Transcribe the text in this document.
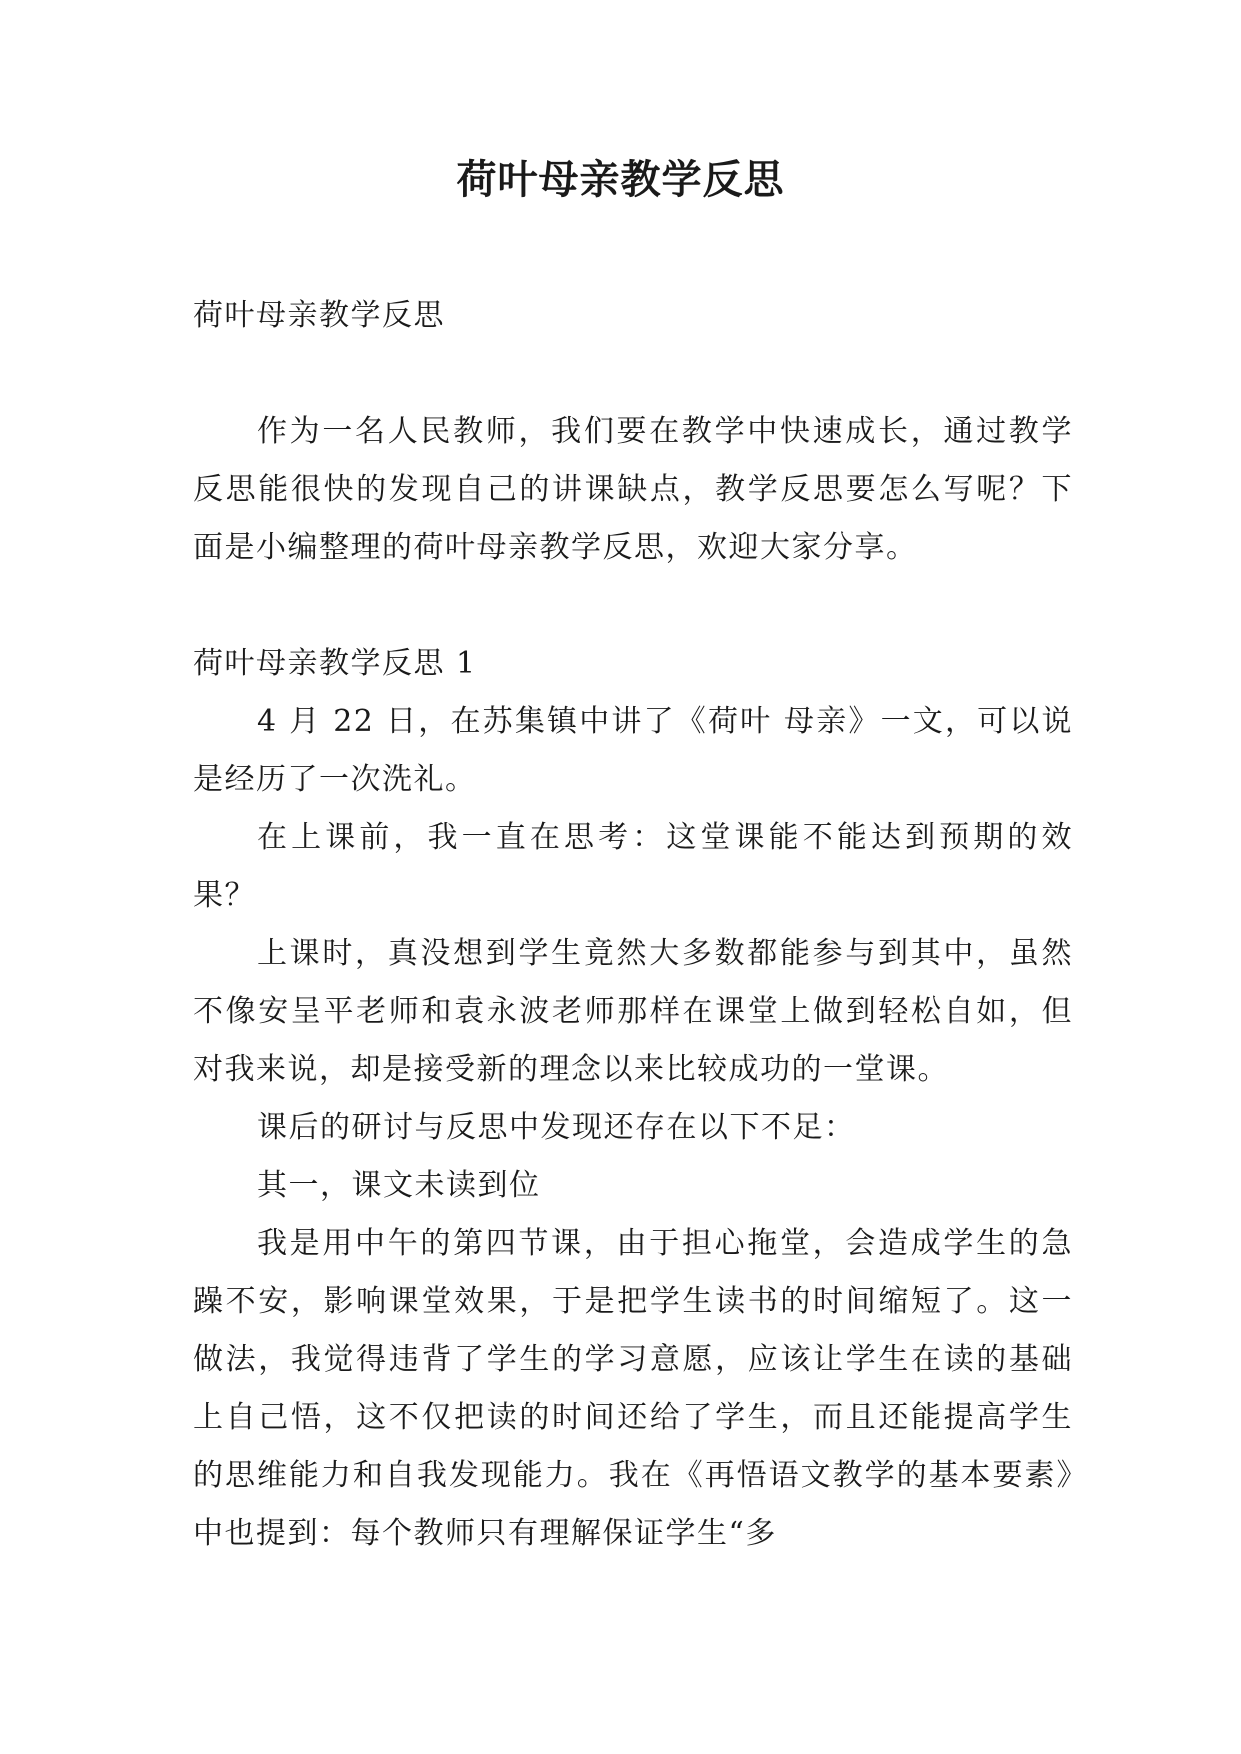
荷叶母亲教学反思

荷叶母亲教学反思

作为一名人民教师，我们要在教学中快速成长，通过教学反思能很快的发现自己的讲课缺点，教学反思要怎么写呢？下面是小编整理的荷叶母亲教学反思，欢迎大家分享。

荷叶母亲教学反思 1

4 月 22 日，在苏集镇中讲了《荷叶 母亲》一文，可以说是经历了一次洗礼。

在上课前，我一直在思考：这堂课能不能达到预期的效果？

上课时，真没想到学生竟然大多数都能参与到其中，虽然不像安呈平老师和袁永波老师那样在课堂上做到轻松自如，但对我来说，却是接受新的理念以来比较成功的一堂课。

课后的研讨与反思中发现还存在以下不足：

其一，课文未读到位

我是用中午的第四节课，由于担心拖堂，会造成学生的急躁不安，影响课堂效果，于是把学生读书的时间缩短了。这一做法，我觉得违背了学生的学习意愿，应该让学生在读的基础上自己悟，这不仅把读的时间还给了学生，而且还能提高学生的思维能力和自我发现能力。我在《再悟语文教学的基本要素》中也提到：每个教师只有理解保证学生“多
